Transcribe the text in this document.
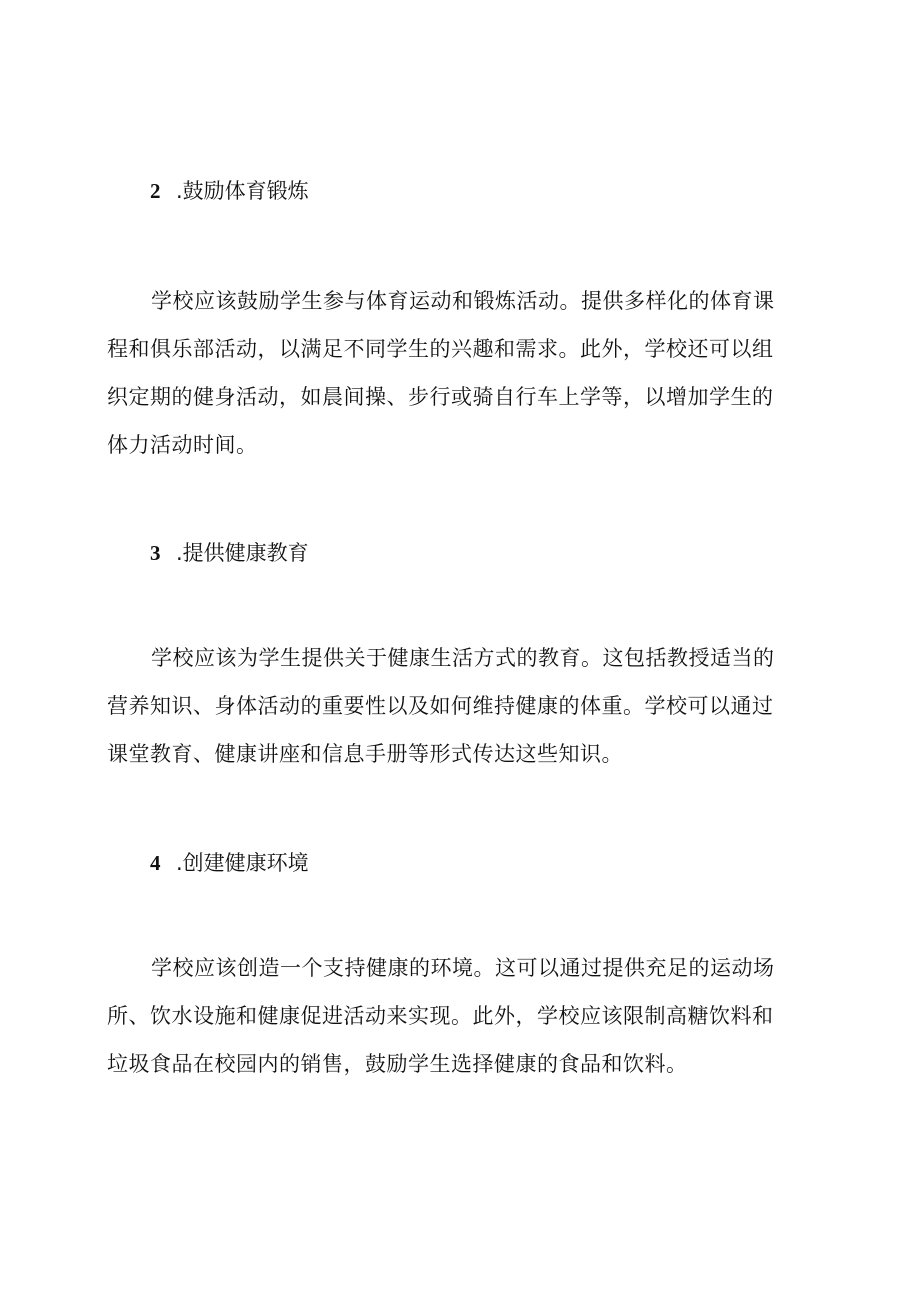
2 .鼓励体育锻炼
学校应该鼓励学生参与体育运动和锻炼活动。提供多样化的体育课
程和俱乐部活动，以满足不同学生的兴趣和需求。此外，学校还可以组
织定期的健身活动，如晨间操、步行或骑自行车上学等，以增加学生的
体力活动时间。
3 .提供健康教育
学校应该为学生提供关于健康生活方式的教育。这包括教授适当的
营养知识、身体活动的重要性以及如何维持健康的体重。学校可以通过
课堂教育、健康讲座和信息手册等形式传达这些知识。
4 .创建健康环境
学校应该创造一个支持健康的环境。这可以通过提供充足的运动场
所、饮水设施和健康促进活动来实现。此外，学校应该限制高糖饮料和
垃圾食品在校园内的销售，鼓励学生选择健康的食品和饮料。
